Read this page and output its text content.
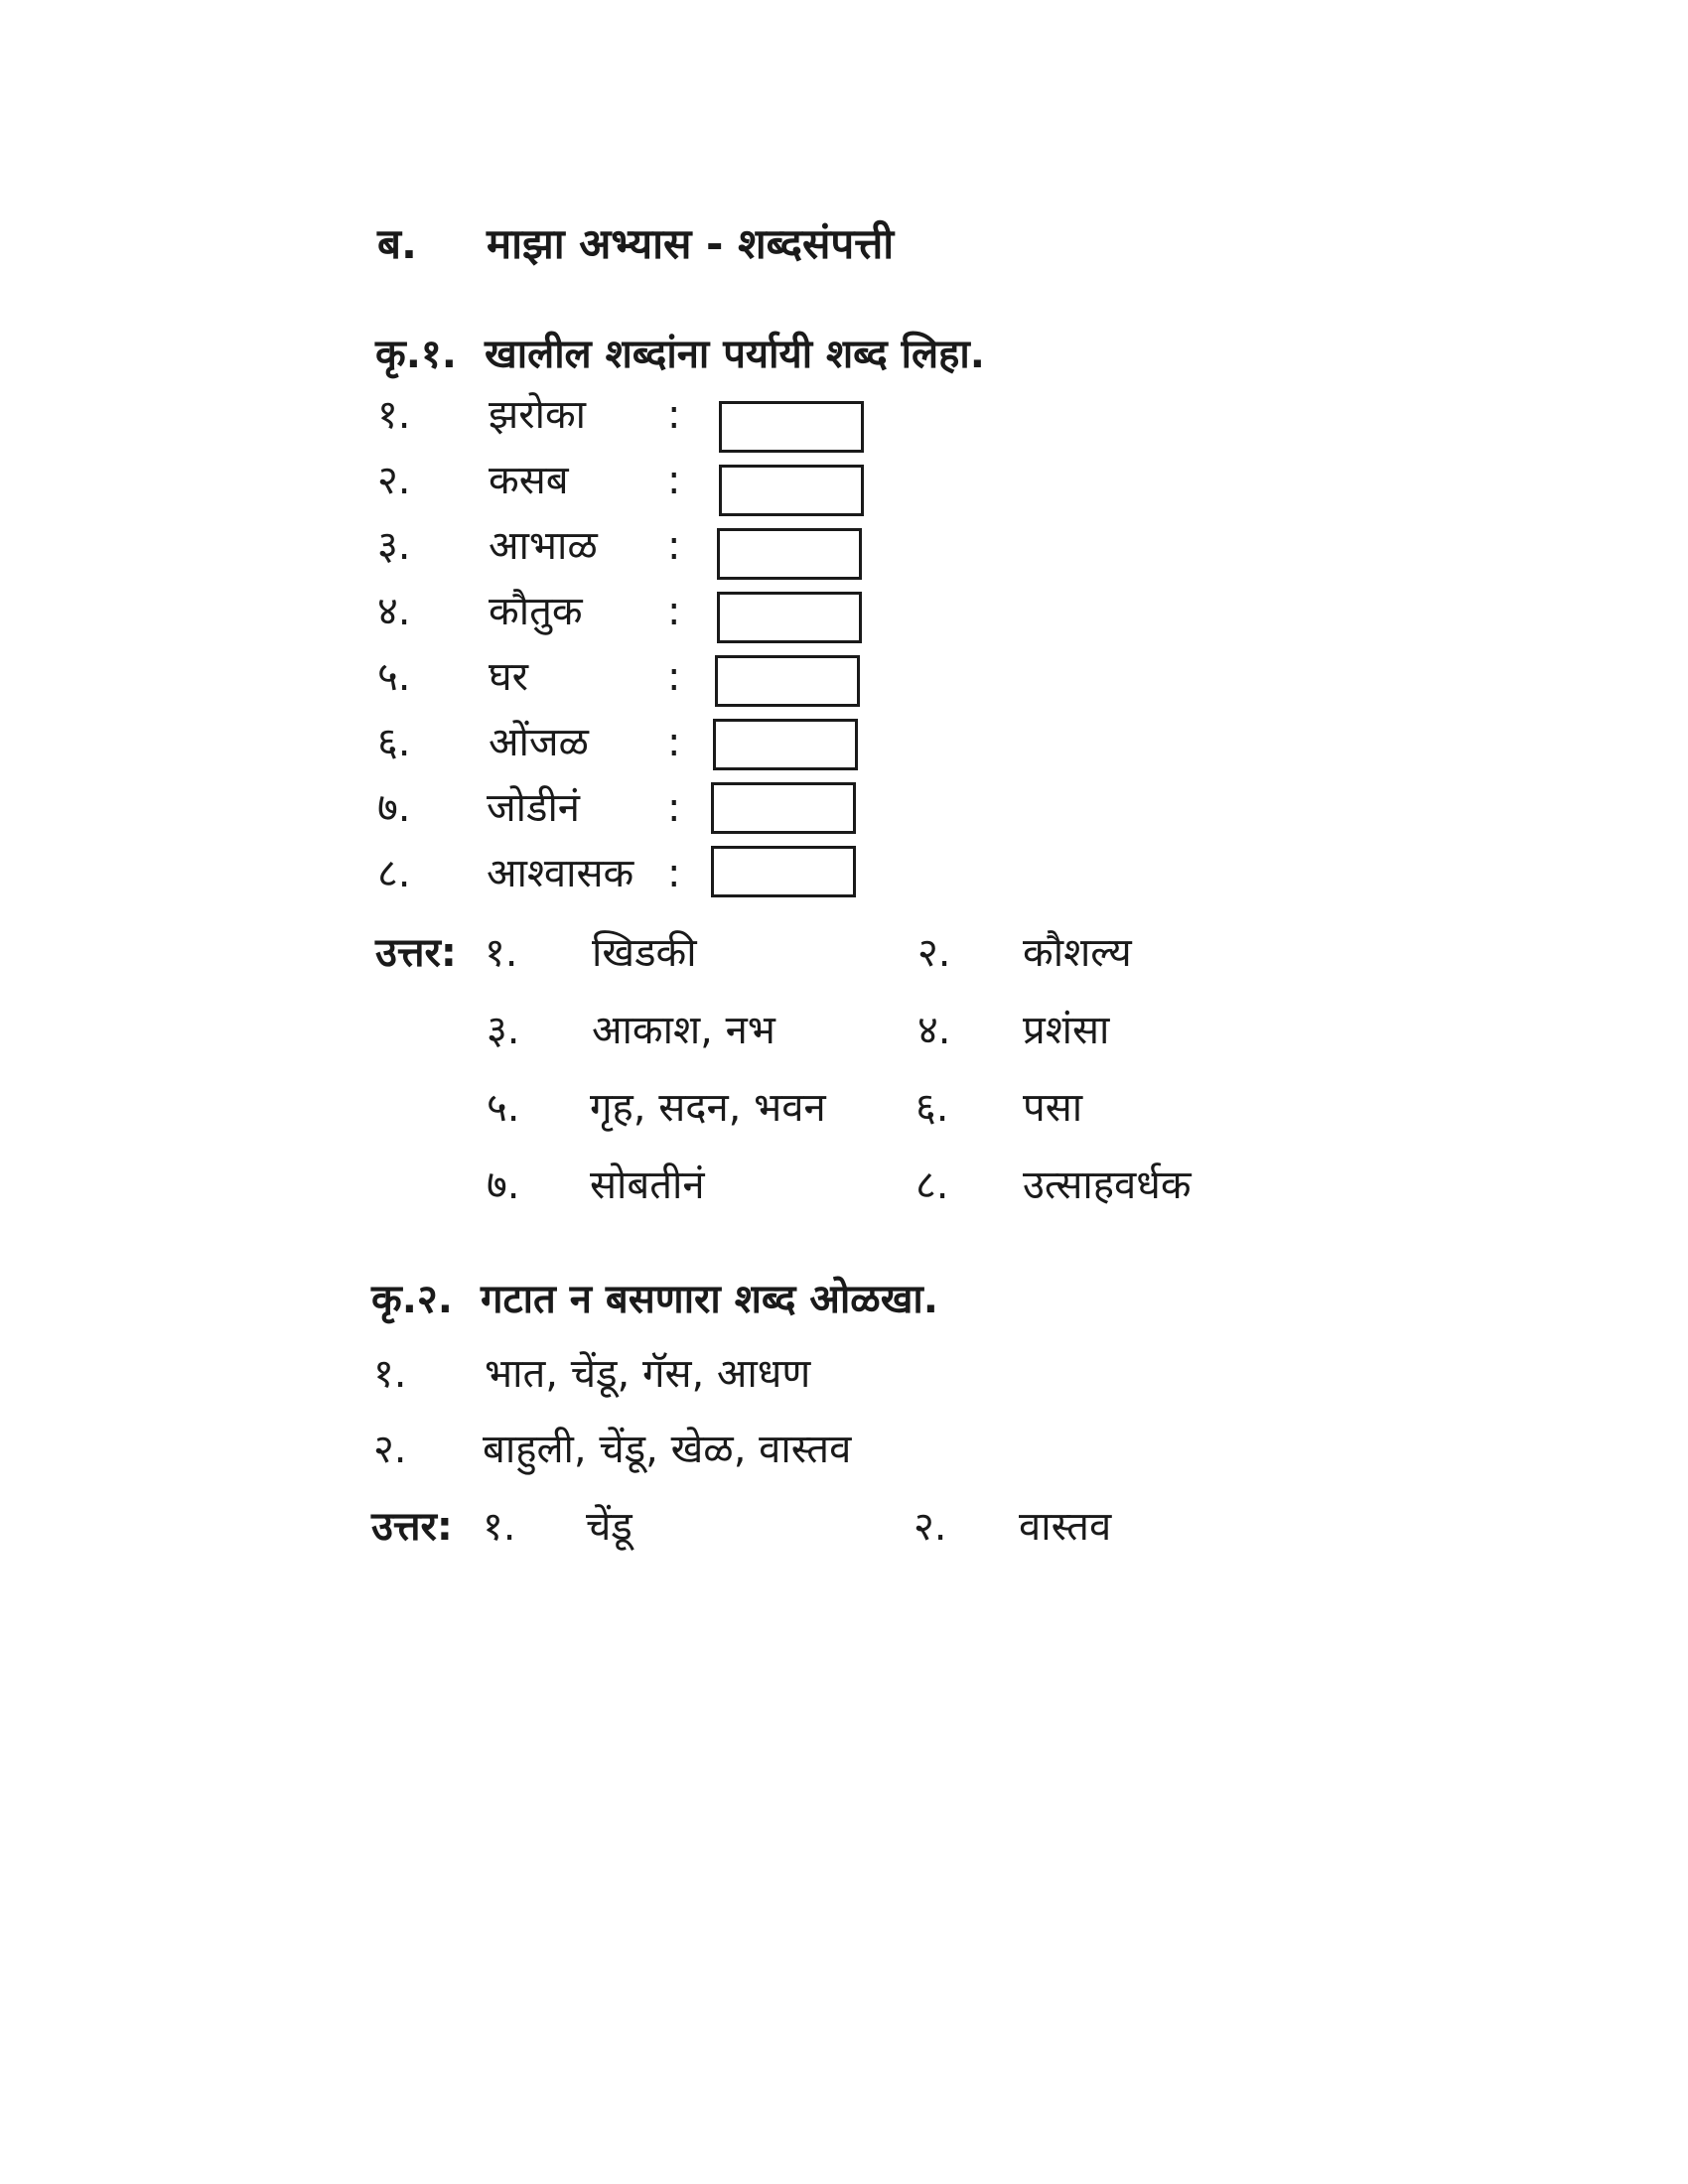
ब. माझा अभ्यास - शब्दसंपत्ती
कृ.१. खालील शब्दांना पर्यायी शब्द लिहा.
१. झरोका :
२. कसब :
३. आभाळ :
४. कौतुक :
५. घर	:
६. ओंजळ :
७. जोडीनं :
८. आश्वासक :
उत्तर: १. खिडकी	२. कौशल्य
३. आकाश, नभ	४. प्रशंसा
५. गृह, सदन, भवन ६. पसा
७. सोबतीनं	८. उत्साहवर्धक
कृ.२. गटात न बसणारा शब्द ओळखा.
१. भात, चेंडू, गॅस, आधण
२. बाहुली, चेंडू, खेळ, वास्तव
उत्तर: १. चेंडू	२. वास्तव
